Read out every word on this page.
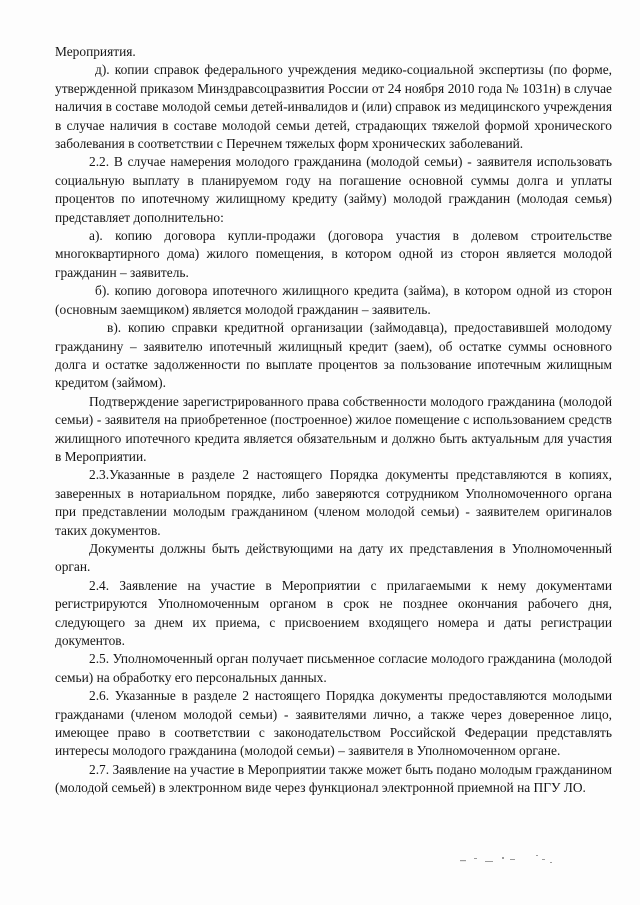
Мероприятия.

д). копии справок федерального учреждения медико-социальной экспертизы (по форме, утвержденной приказом Минздравсоцразвития России от 24 ноября 2010 года № 1031н) в случае наличия в составе молодой семьи детей-инвалидов и (или) справок из медицинского учреждения в случае наличия в составе молодой семьи детей, страдающих тяжелой формой хронического заболевания в соответствии с Перечнем тяжелых форм хронических заболеваний.

2.2. В случае намерения молодого гражданина (молодой семьи) - заявителя использовать социальную выплату в планируемом году на погашение основной суммы долга и уплаты процентов по ипотечному жилищному кредиту (займу) молодой гражданин (молодая семья) представляет дополнительно:

а). копию договора купли-продажи (договора участия в долевом строительстве многоквартирного дома) жилого помещения, в котором одной из сторон является молодой гражданин – заявитель.

б). копию договора ипотечного жилищного кредита (займа), в котором одной из сторон (основным заемщиком) является молодой гражданин – заявитель.

в). копию справки кредитной организации (займодавца), предоставившей молодому гражданину – заявителю ипотечный жилищный кредит (заем), об остатке суммы основного долга и остатке задолженности по выплате процентов за пользование ипотечным жилищным кредитом (займом).

Подтверждение зарегистрированного права собственности молодого гражданина (молодой семьи) - заявителя на приобретенное (построенное) жилое помещение с использованием средств жилищного ипотечного кредита является обязательным и должно быть актуальным для участия в Мероприятии.

2.3.Указанные в разделе 2 настоящего Порядка документы представляются в копиях, заверенных в нотариальном порядке, либо заверяются сотрудником Уполномоченного органа при представлении молодым гражданином (членом молодой семьи) - заявителем оригиналов таких документов.

Документы должны быть действующими на дату их представления в Уполномоченный орган.

2.4. Заявление на участие в Мероприятии с прилагаемыми к нему документами регистрируются Уполномоченным органом в срок не позднее окончания рабочего дня, следующего за днем их приема, с присвоением входящего номера и даты регистрации документов.

2.5. Уполномоченный орган получает письменное согласие молодого гражданина (молодой семьи) на обработку его персональных данных.

2.6. Указанные в разделе 2 настоящего Порядка документы предоставляются молодыми гражданами (членом молодой семьи) - заявителями лично, а также через доверенное лицо, имеющее право в соответствии с законодательством Российской Федерации представлять интересы молодого гражданина (молодой семьи) – заявителя в Уполномоченном органе.

2.7. Заявление на участие в Мероприятии также может быть подано молодым гражданином (молодой семьей) в электронном виде через функционал электронной приемной на ПГУ ЛО.
